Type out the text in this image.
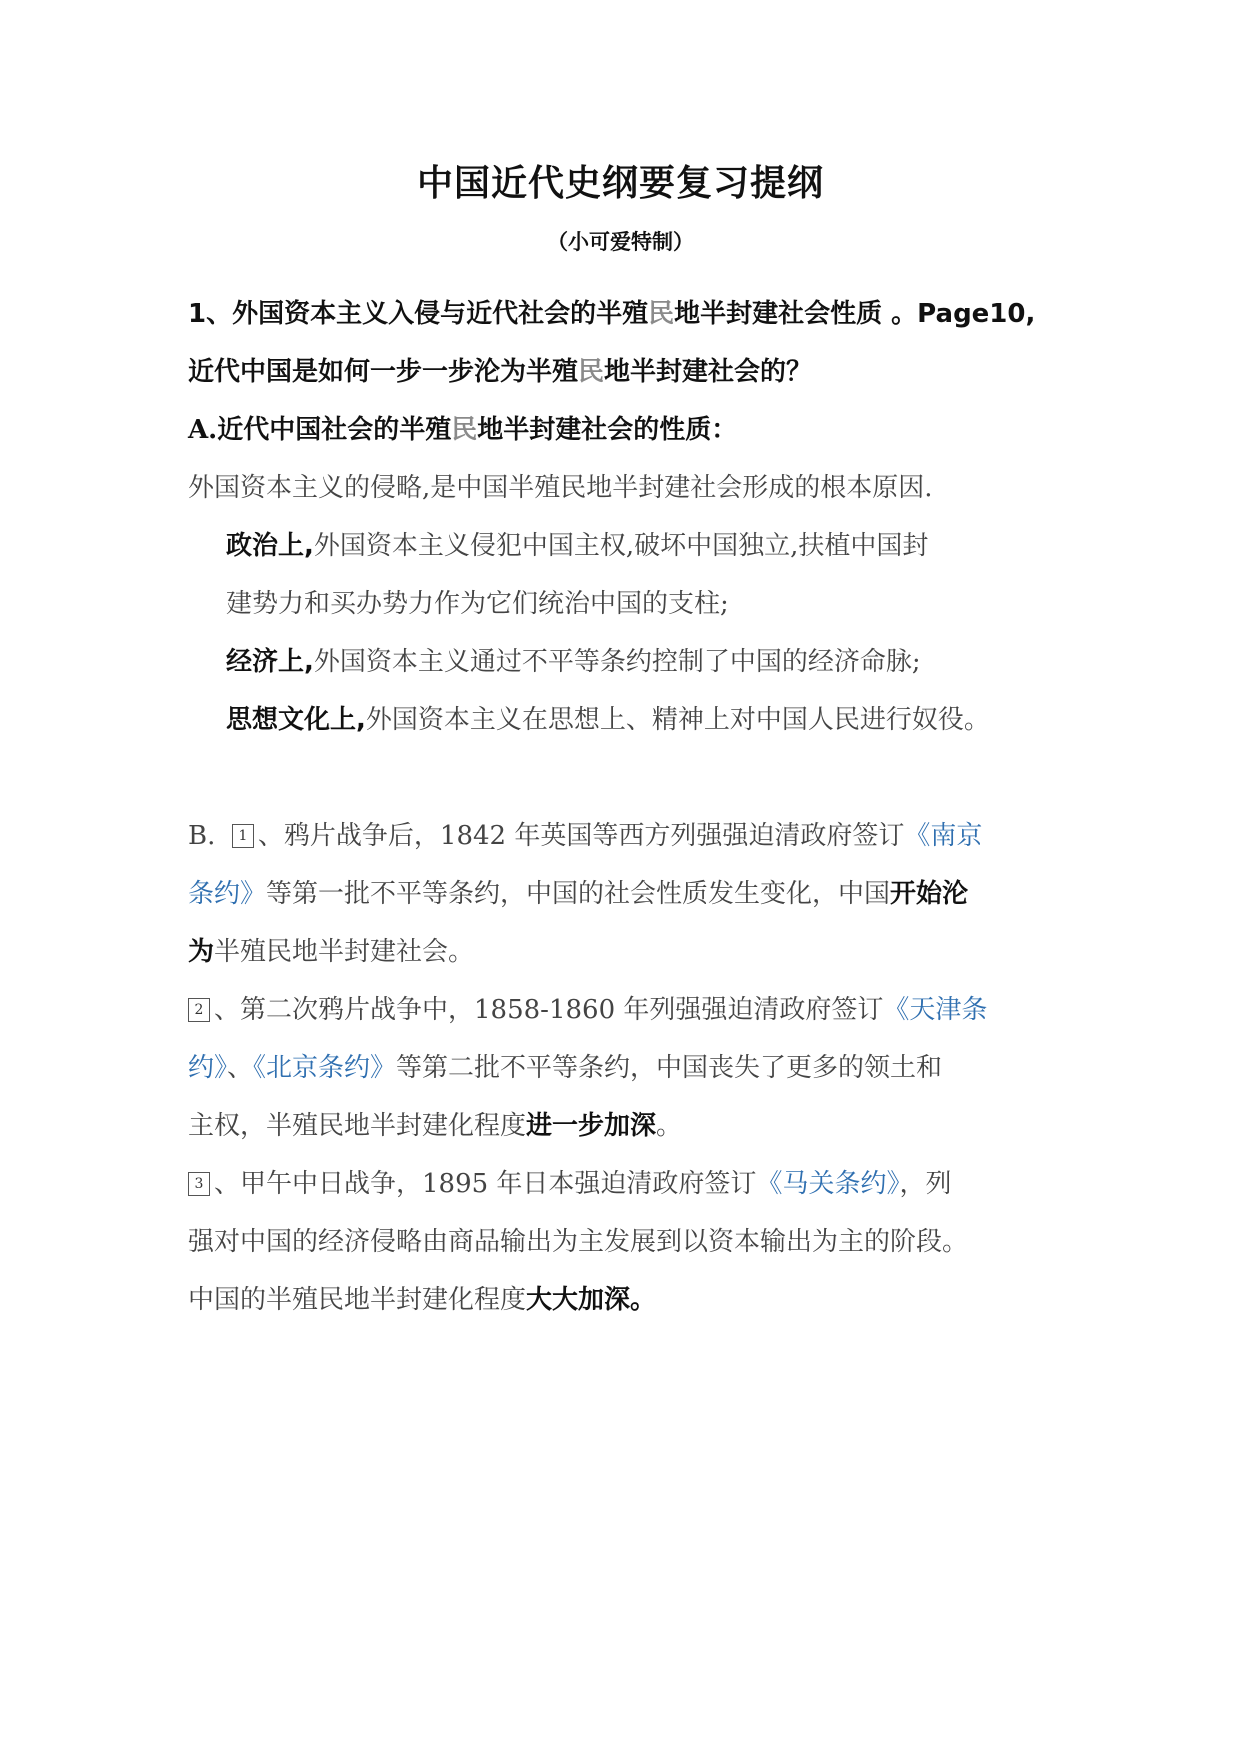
中国近代史纲要复习提纲
（小可爱特制）
1、外国资本主义入侵与近代社会的半殖民地半封建社会性质 。Page10,
近代中国是如何一步一步沦为半殖民地半封建社会的？
A.近代中国社会的半殖民地半封建社会的性质：
外国资本主义的侵略,是中国半殖民地半封建社会形成的根本原因.
政治上,外国资本主义侵犯中国主权,破坏中国独立,扶植中国封
建势力和买办势力作为它们统治中国的支柱;
经济上,外国资本主义通过不平等条约控制了中国的经济命脉;
思想文化上,外国资本主义在思想上、精神上对中国人民进行奴役。
B. 1 、鸦片战争后，1842 年英国等西方列强强迫清政府签订《南京
条约》等第一批不平等条约，中国的社会性质发生变化，中国开始沦
为半殖民地半封建社会。
2 、第二次鸦片战争中，1858-1860 年列强强迫清政府签订《天津条
约》、《北京条约》等第二批不平等条约，中国丧失了更多的领土和
主权，半殖民地半封建化程度进一步加深。
3 、甲午中日战争，1895 年日本强迫清政府签订《马关条约》，列
强对中国的经济侵略由商品输出为主发展到以资本输出为主的阶段。
中国的半殖民地半封建化程度大大加深。
